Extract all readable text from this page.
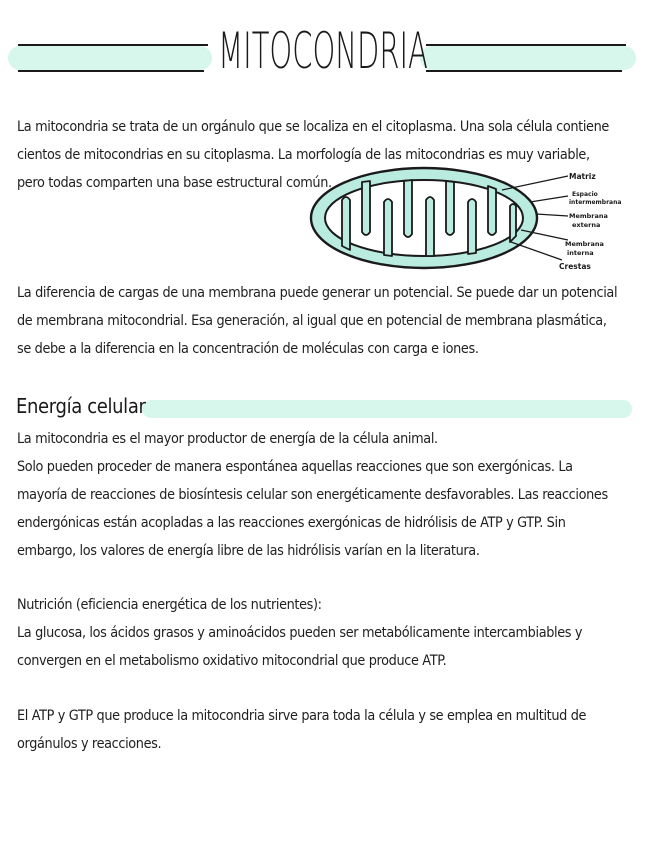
MITOCONDRIA
La mitocondria se trata de un orgánulo que se localiza en el citoplasma. Una sola célula contiene
cientos de mitocondrias en su citoplasma. La morfología de las mitocondrias es muy variable,
pero todas comparten una base estructural común.	Matriz
Espacio intermembrana
Membrana externa
Membrana interna
Crestas
La diferencia de cargas de una membrana puede generar un potencial. Se puede dar un potencial
de membrana mitocondrial. Esa generación, al igual que en potencial de membrana plasmática,
se debe a la diferencia en la concentración de moléculas con carga e iones.
Energía celular
La mitocondria es el mayor productor de energía de la célula animal.
Solo pueden proceder de manera espontánea aquellas reacciones que son exergónicas. La
mayoría de reacciones de biosíntesis celular son energéticamente desfavorables. Las reacciones
endergónicas están acopladas a las reacciones exergónicas de hidrólisis de ATP y GTP. Sin
embargo, los valores de energía libre de las hidrólisis varían en la literatura.
Nutrición (eficiencia energética de los nutrientes):
La glucosa, los ácidos grasos y aminoácidos pueden ser metabólicamente intercambiables y
convergen en el metabolismo oxidativo mitocondrial que produce ATP.
El ATP y GTP que produce la mitocondria sirve para toda la célula y se emplea en multitud de
orgánulos y reacciones.
